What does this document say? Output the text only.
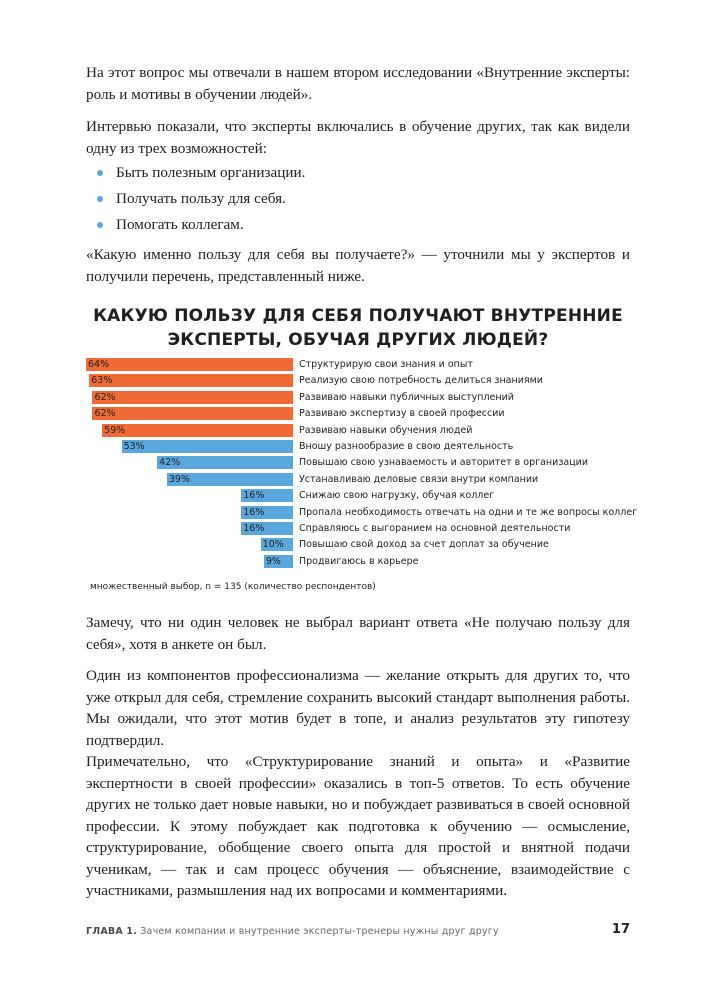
На этот вопрос мы отвечали в нашем втором исследовании «Внутренние эксперты: роль и мотивы в обучении людей».

Интервью показали, что эксперты включались в обучение других, так как видели одну из трех возможностей:

Быть полезным организации.
Получать пользу для себя.
Помогать коллегам.

«Какую именно пользу для себя вы получаете?» — уточнили мы у экспертов и получили перечень, представленный ниже.

КАКУЮ ПОЛЬЗУ ДЛЯ СЕБЯ ПОЛУЧАЮТ ВНУТРЕННИЕ ЭКСПЕРТЫ, ОБУЧАЯ ДРУГИХ ЛЮДЕЙ?
64%	Структурирую свои знания и опыт
63%	Реализую свою потребность делиться знаниями
62%	Развиваю навыки публичных выступлений
62%	Развиваю экспертизу в своей профессии
59%	Развиваю навыки обучения людей
53%	Вношу разнообразие в свою деятельность
42%	Повышаю свою узнаваемость и авторитет в организации
39%	Устанавливаю деловые связи внутри компании
16%	Снижаю свою нагрузку, обучая коллег
16%	Пропала необходимость отвечать на одни и те же вопросы коллег
16%	Справляюсь с выгоранием на основной деятельности
10% Повышаю свой доход за счет доплат за обучение
9% Продвигаюсь в карьере
множественный выбор, n = 135 (количество респондентов)

Замечу, что ни один человек не выбрал вариант ответа «Не получаю пользу для себя», хотя в анкете он был.

Один из компонентов профессионализма — желание открыть для других то, что уже открыл для себя, стремление сохранить высокий стандарт выполнения работы. Мы ожидали, что этот мотив будет в топе, и анализ результатов эту гипотезу подтвердил.

Примечательно, что «Структурирование знаний и опыта» и «Развитие экспертности в своей профессии» оказались в топ-5 ответов. То есть обучение других не только дает новые навыки, но и побуждает развиваться в своей основной профессии. К этому побуждает как подготовка к обучению — осмысление, структурирование, обобщение своего опыта для простой и внятной подачи ученикам, — так и сам процесс обучения — объяснение, взаимодействие с участниками, размышления над их вопросами и комментариями.

ГЛАВА 1. Зачем компании и внутренние эксперты-тренеры нужны друг другу	17
